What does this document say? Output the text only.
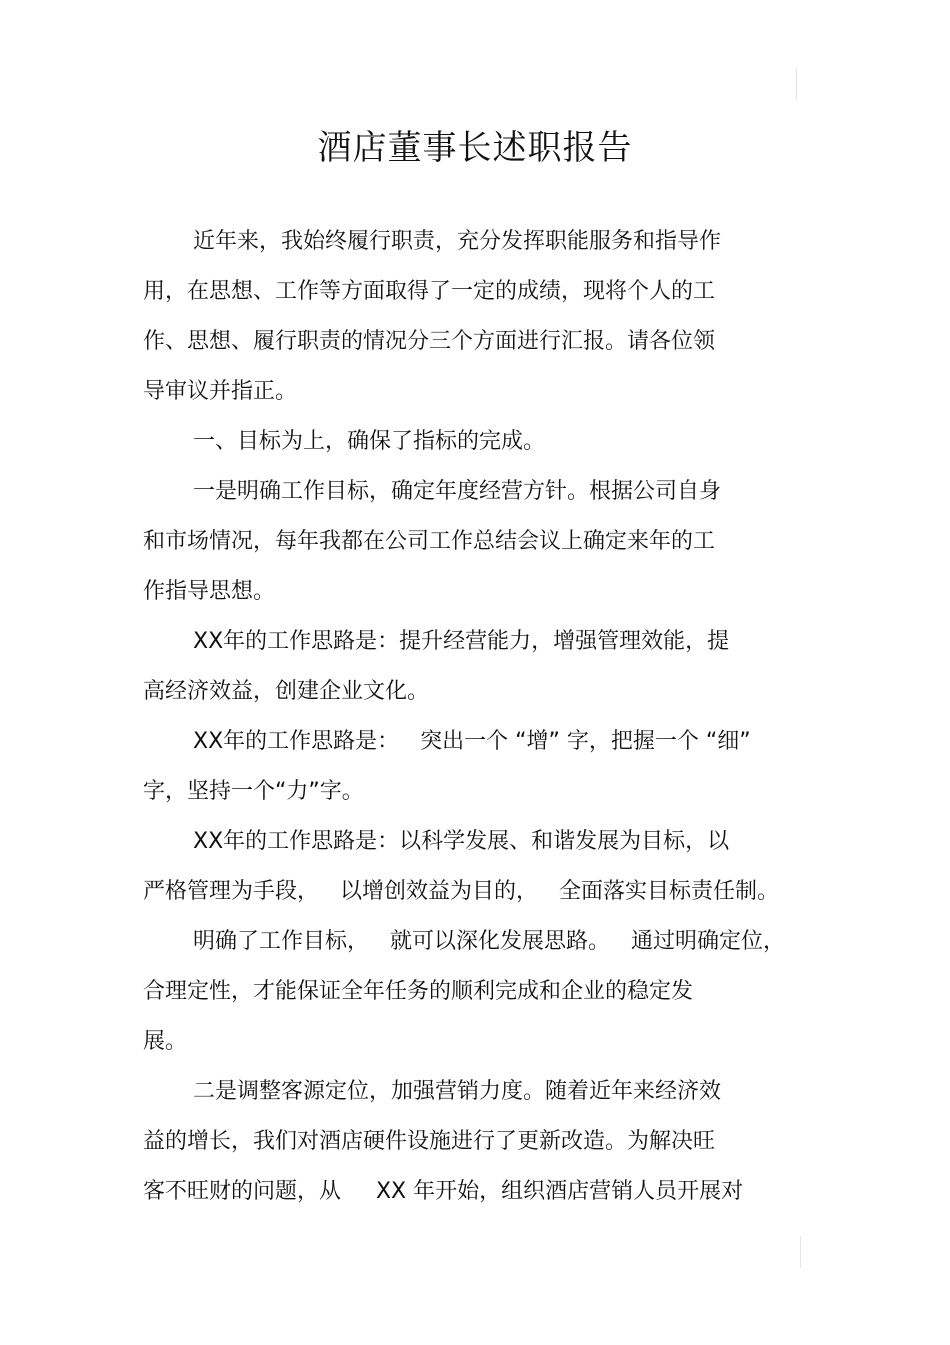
酒店董事长述职报告
近年来，我始终履行职责，充分发挥职能服务和指导作
用，在思想、工作等方面取得了一定的成绩，现将个人的工
作、思想、履行职责的情况分三个方面进行汇报。请各位领
导审议并指正。
一、目标为上，确保了指标的完成。
一是明确工作目标，确定年度经营方针。根据公司自身
和市场情况，每年我都在公司工作总结会议上确定来年的工
作指导思想。
XX年的工作思路是：提升经营能力，增强管理效能，提
高经济效益，创建企业文化。
XX年的工作思路是：   突出一个 “增” 字，把握一个 “细”
字，坚持一个“力”字。
XX年的工作思路是：以科学发展、和谐发展为目标，以
严格管理为手段，   以增创效益为目的，   全面落实目标责任制。
明确了工作目标，   就可以深化发展思路。   通过明确定位，
合理定性，才能保证全年任务的顺利完成和企业的稳定发
展。
二是调整客源定位，加强营销力度。随着近年来经济效
益的增长，我们对酒店硬件设施进行了更新改造。为解决旺
客不旺财的问题，从     XX 年开始，组织酒店营销人员开展对
